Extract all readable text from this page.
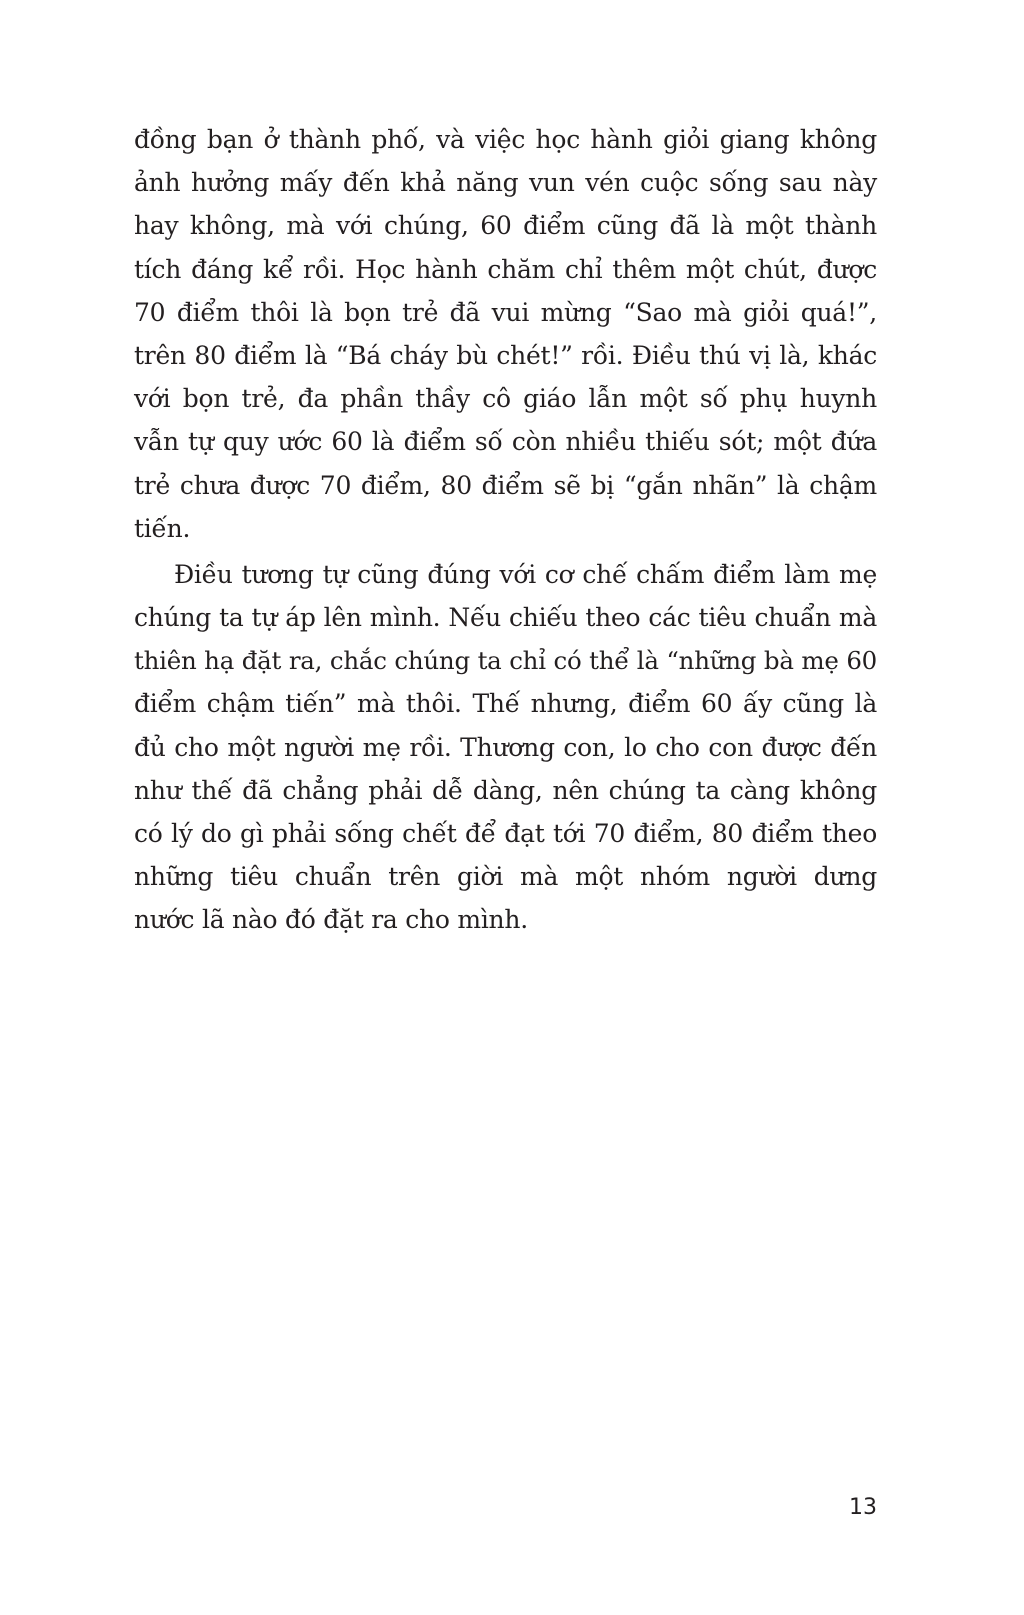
đồng bạn ở thành phố, và việc học hành giỏi giang không
ảnh hưởng mấy đến khả năng vun vén cuộc sống sau này
hay không, mà với chúng, 60 điểm cũng đã là một thành
tích đáng kể rồi. Học hành chăm chỉ thêm một chút, được
70 điểm thôi là bọn trẻ đã vui mừng “Sao mà giỏi quá!”,
trên 80 điểm là “Bá cháy bù chét!” rồi. Điều thú vị là, khác
với bọn trẻ, đa phần thầy cô giáo lẫn một số phụ huynh
vẫn tự quy ước 60 là điểm số còn nhiều thiếu sót; một đứa
trẻ chưa được 70 điểm, 80 điểm sẽ bị “gắn nhãn” là chậm
tiến.
Điều tương tự cũng đúng với cơ chế chấm điểm làm mẹ
chúng ta tự áp lên mình. Nếu chiếu theo các tiêu chuẩn mà
thiên hạ đặt ra, chắc chúng ta chỉ có thể là “những bà mẹ 60
điểm chậm tiến” mà thôi. Thế nhưng, điểm 60 ấy cũng là
đủ cho một người mẹ rồi. Thương con, lo cho con được đến
như thế đã chẳng phải dễ dàng, nên chúng ta càng không
có lý do gì phải sống chết để đạt tới 70 điểm, 80 điểm theo
những tiêu chuẩn trên giời mà một nhóm người dưng
nước lã nào đó đặt ra cho mình.
13
